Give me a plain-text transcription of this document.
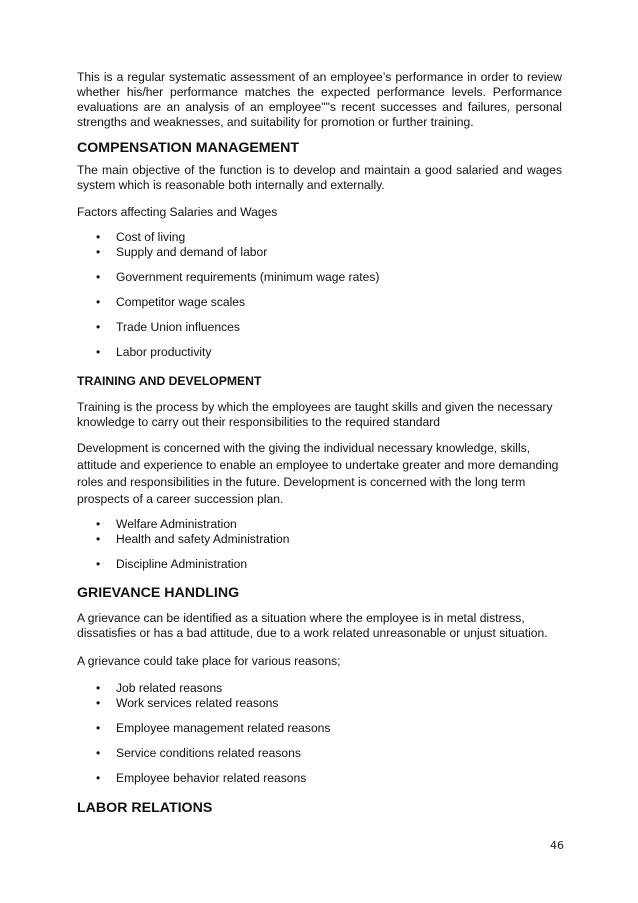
This is a regular systematic assessment of an employee’s performance in order to review whether his/her performance matches the expected performance levels. Performance evaluations are an analysis of an employee""s recent successes and failures, personal strengths and weaknesses, and suitability for promotion or further training.

COMPENSATION MANAGEMENT

The main objective of the function is to develop and maintain a good salaried and wages system which is reasonable both internally and externally.

Factors affecting Salaries and Wages

• Cost of living
• Supply and demand of labor
• Government requirements (minimum wage rates)
• Competitor wage scales
• Trade Union influences
• Labor productivity
TRAINING AND DEVELOPMENT

Training is the process by which the employees are taught skills and given the necessary knowledge to carry out their responsibilities to the required standard

Development is concerned with the giving the individual necessary knowledge, skills, attitude and experience to enable an employee to undertake greater and more demanding roles and responsibilities in the future. Development is concerned with the long term prospects of a career succession plan.

• Welfare Administration
• Health and safety Administration
• Discipline Administration
GRIEVANCE HANDLING

A grievance can be identified as a situation where the employee is in metal distress, dissatisfies or has a bad attitude, due to a work related unreasonable or unjust situation.

A grievance could take place for various reasons;

• Job related reasons
• Work services related reasons
• Employee management related reasons
• Service conditions related reasons
• Employee behavior related reasons
LABOR RELATIONS
46
